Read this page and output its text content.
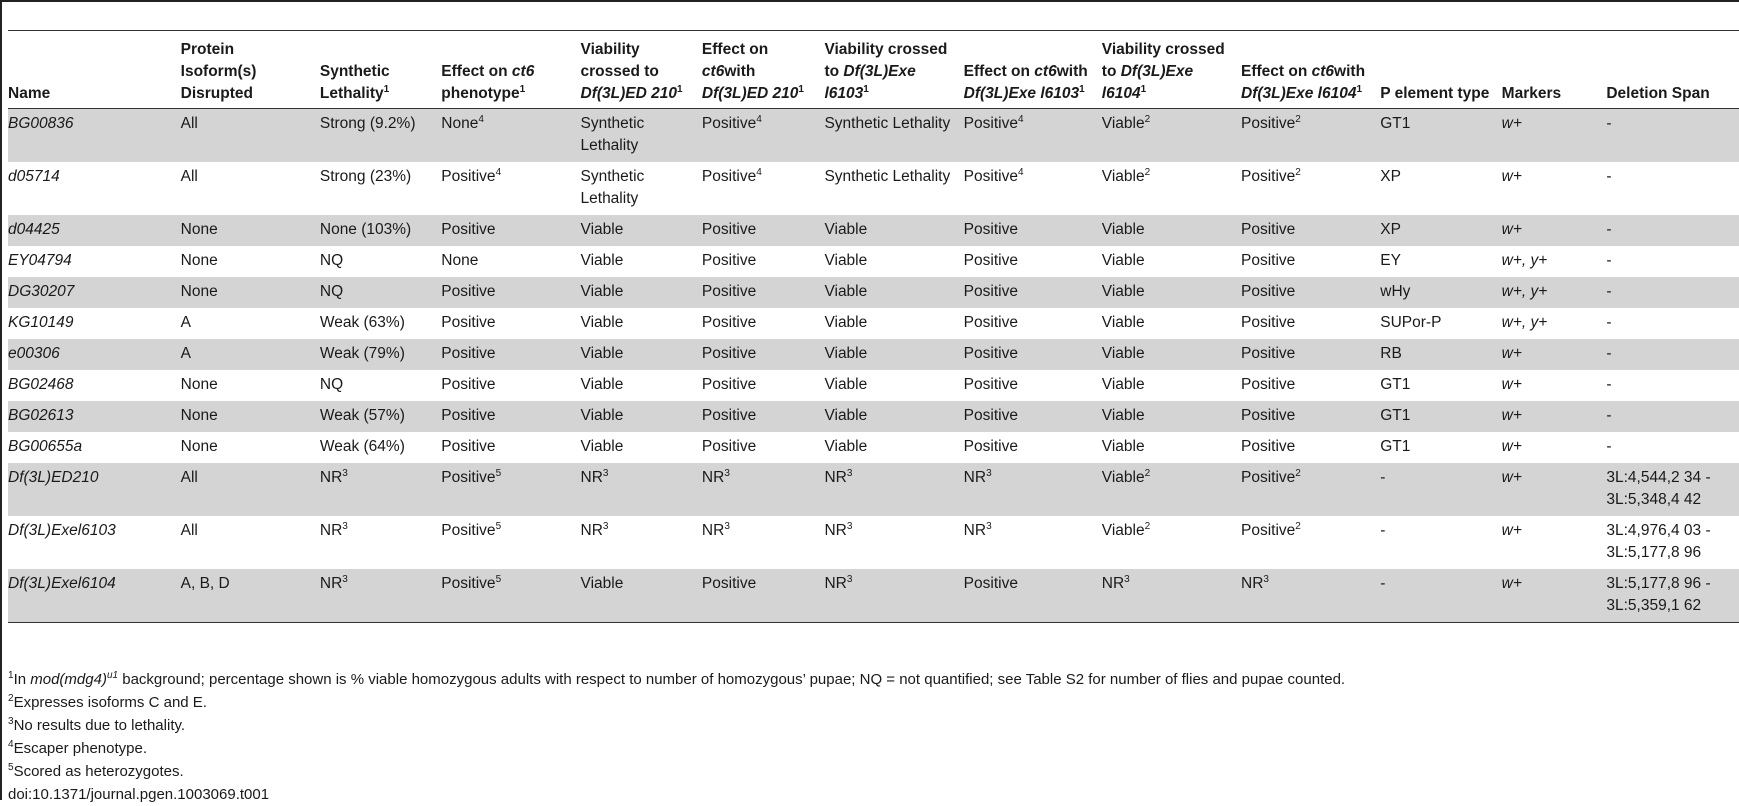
Name	Protein Isoform(s) Disrupted	Synthetic Lethality$^1$	Effect on ct6 phenotype$^1$	Viability crossed to Df(3L)ED $210^1$	Effect on ct6with Df(3L)ED $210^1$	Viability crossed to Df(3L)Exe l6103$^1$	Effect on ct6with Df(3L)Exe l6103$^1$	Viability crossed to Df(3L)Exe l6104$^1$	Effect on ct6with Df(3L)Exe l6104$^1$	P element type	Markers	Deletion Span
BG00836	All	Strong (9.2%)	None$^4$	Synthetic Lethality	Positive$^4$	Synthetic Lethality	Positive$^4$	Viable$^2$	Positive$^2$	GT1	w+	-
d05714	All	Strong (23%)	Positive$^4$	Synthetic Lethality	Positive$^4$	Synthetic Lethality	Positive$^4$	Viable$^2$	Positive$^2$	XP	w+	-
d04425	None	None (103%)	Positive	Viable	Positive	Viable	Positive	Viable	Positive	XP	w+	-
EY04794	None	NQ	None	Viable	Positive	Viable	Positive	Viable	Positive	EY	w+, y+	-
DG30207	None	NQ	Positive	Viable	Positive	Viable	Positive	Viable	Positive	wHy	w+, y+	-
KG10149	A	Weak (63%)	Positive	Viable	Positive	Viable	Positive	Viable	Positive	SUPor-P	w+, y+	-
e00306	A	Weak (79%)	Positive	Viable	Positive	Viable	Positive	Viable	Positive	RB	w+	-
BG02468	None	NQ	Positive	Viable	Positive	Viable	Positive	Viable	Positive	GT1	w+	-
BG02613	None	Weak (57%)	Positive	Viable	Positive	Viable	Positive	Viable	Positive	GT1	w+	-
BG00655a	None	Weak (64%)	Positive	Viable	Positive	Viable	Positive	Viable	Positive	GT1	w+	-
Df(3L)ED210	All	$NR^3$	Positive$^5$	$NR^3$	$NR^3$	$NR^3$	$NR^3$	Viable$^2$	Positive$^2$	-	w+	3L:4,544,2 34 - 3L:5,348,4 42
Df(3L)Exel6103	All	$NR^3$	Positive$^5$	$NR^3$	$NR^3$	$NR^3$	$NR^3$	Viable$^2$	Positive$^2$	-	w+	3L:4,976,4 03 - 3L:5,177,8 96
Df(3L)Exel6104	A, B, D	$NR^3$	Positive$^5$	Viable	Positive	$NR^3$	Positive	$NR^3$	$NR^3$	-	w+	3L:5,177,8 96 - 3L:5,359,1 62
$^1$In $mod(mdg4)^{u1}$ background; percentage shown is % viable homozygous adults with respect to number of homozygous’ pupae; NQ = not quantified; see Table S2 for number of flies and pupae counted.
$^2$Expresses isoforms C and E.
$^3$No results due to lethality.
$^4$Escaper phenotype.
$^5$Scored as heterozygotes.
doi:10.1371/journal.pgen.1003069.t001
